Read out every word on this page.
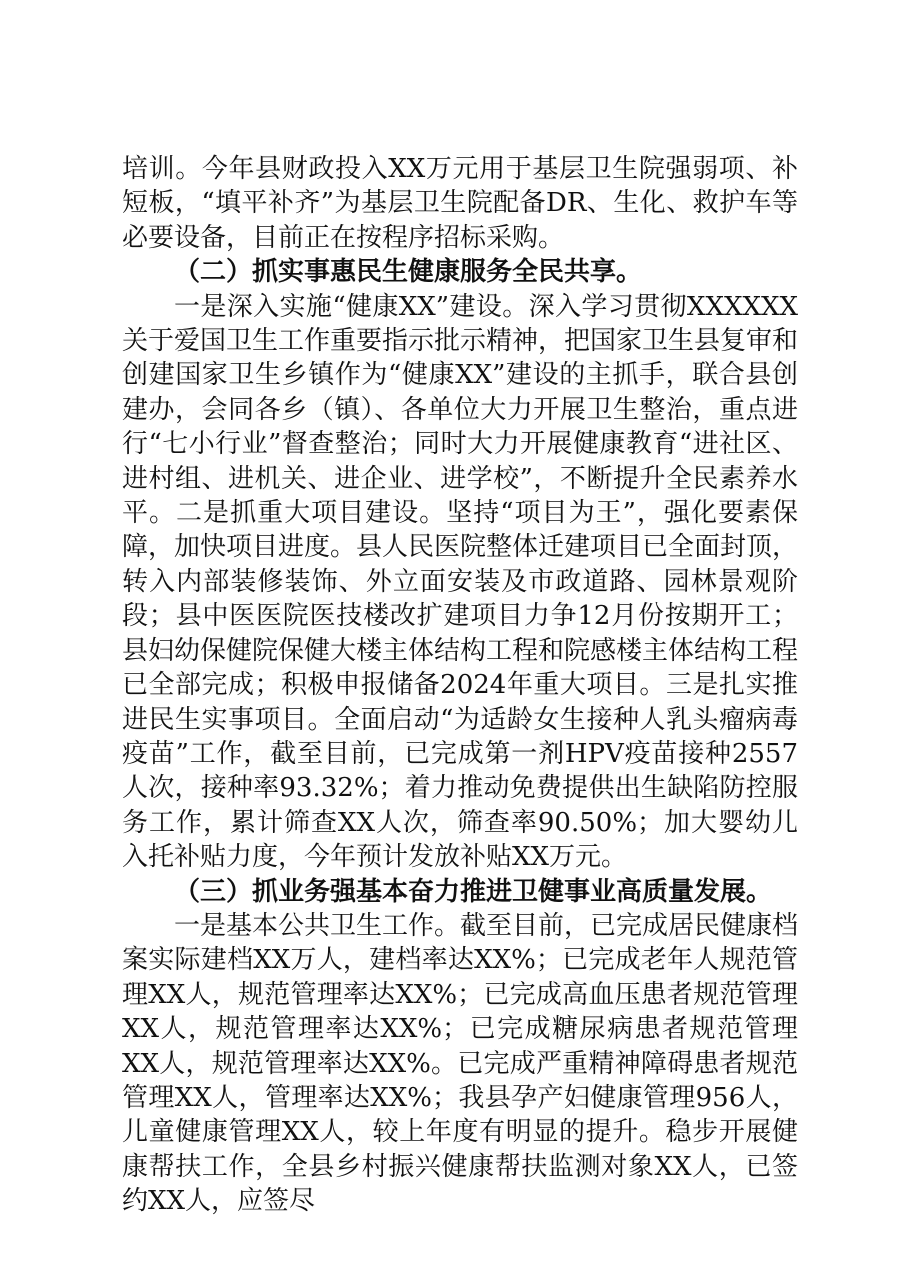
培训。今年县财政投入XX万元用于基层卫生院强弱项、补短板，“填平补齐”为基层卫生院配备DR、生化、救护车等必要设备，目前正在按程序招标采购。

（二）抓实事惠民生健康服务全民共享。

一是深入实施“健康XX”建设。深入学习贯彻XXXXXX关于爱国卫生工作重要指示批示精神，把国家卫生县复审和创建国家卫生乡镇作为“健康XX”建设的主抓手，联合县创建办，会同各乡（镇）、各单位大力开展卫生整治，重点进行“七小行业”督查整治；同时大力开展健康教育“进社区、进村组、进机关、进企业、进学校”，不断提升全民素养水平。二是抓重大项目建设。坚持“项目为王”，强化要素保障，加快项目进度。县人民医院整体迁建项目已全面封顶，转入内部装修装饰、外立面安装及市政道路、园林景观阶段；县中医医院医技楼改扩建项目力争12月份按期开工；县妇幼保健院保健大楼主体结构工程和院感楼主体结构工程已全部完成；积极申报储备2024年重大项目。三是扎实推进民生实事项目。全面启动“为适龄女生接种人乳头瘤病毒疫苗”工作，截至目前，已完成第一剂HPV疫苗接种2557人次，接种率93.32%；着力推动免费提供出生缺陷防控服务工作，累计筛查XX人次，筛查率90.50%；加大婴幼儿入托补贴力度，今年预计发放补贴XX万元。

（三）抓业务强基本奋力推进卫健事业高质量发展。

一是基本公共卫生工作。截至目前，已完成居民健康档案实际建档XX万人，建档率达XX%；已完成老年人规范管理XX人，规范管理率达XX%；已完成高血压患者规范管理XX人，规范管理率达XX%；已完成糖尿病患者规范管理XX人，规范管理率达XX%。已完成严重精神障碍患者规范管理XX人，管理率达XX%；我县孕产妇健康管理956人，儿童健康管理XX人，较上年度有明显的提升。稳步开展健康帮扶工作，全县乡村振兴健康帮扶监测对象XX人，已签约XX人，应签尽
